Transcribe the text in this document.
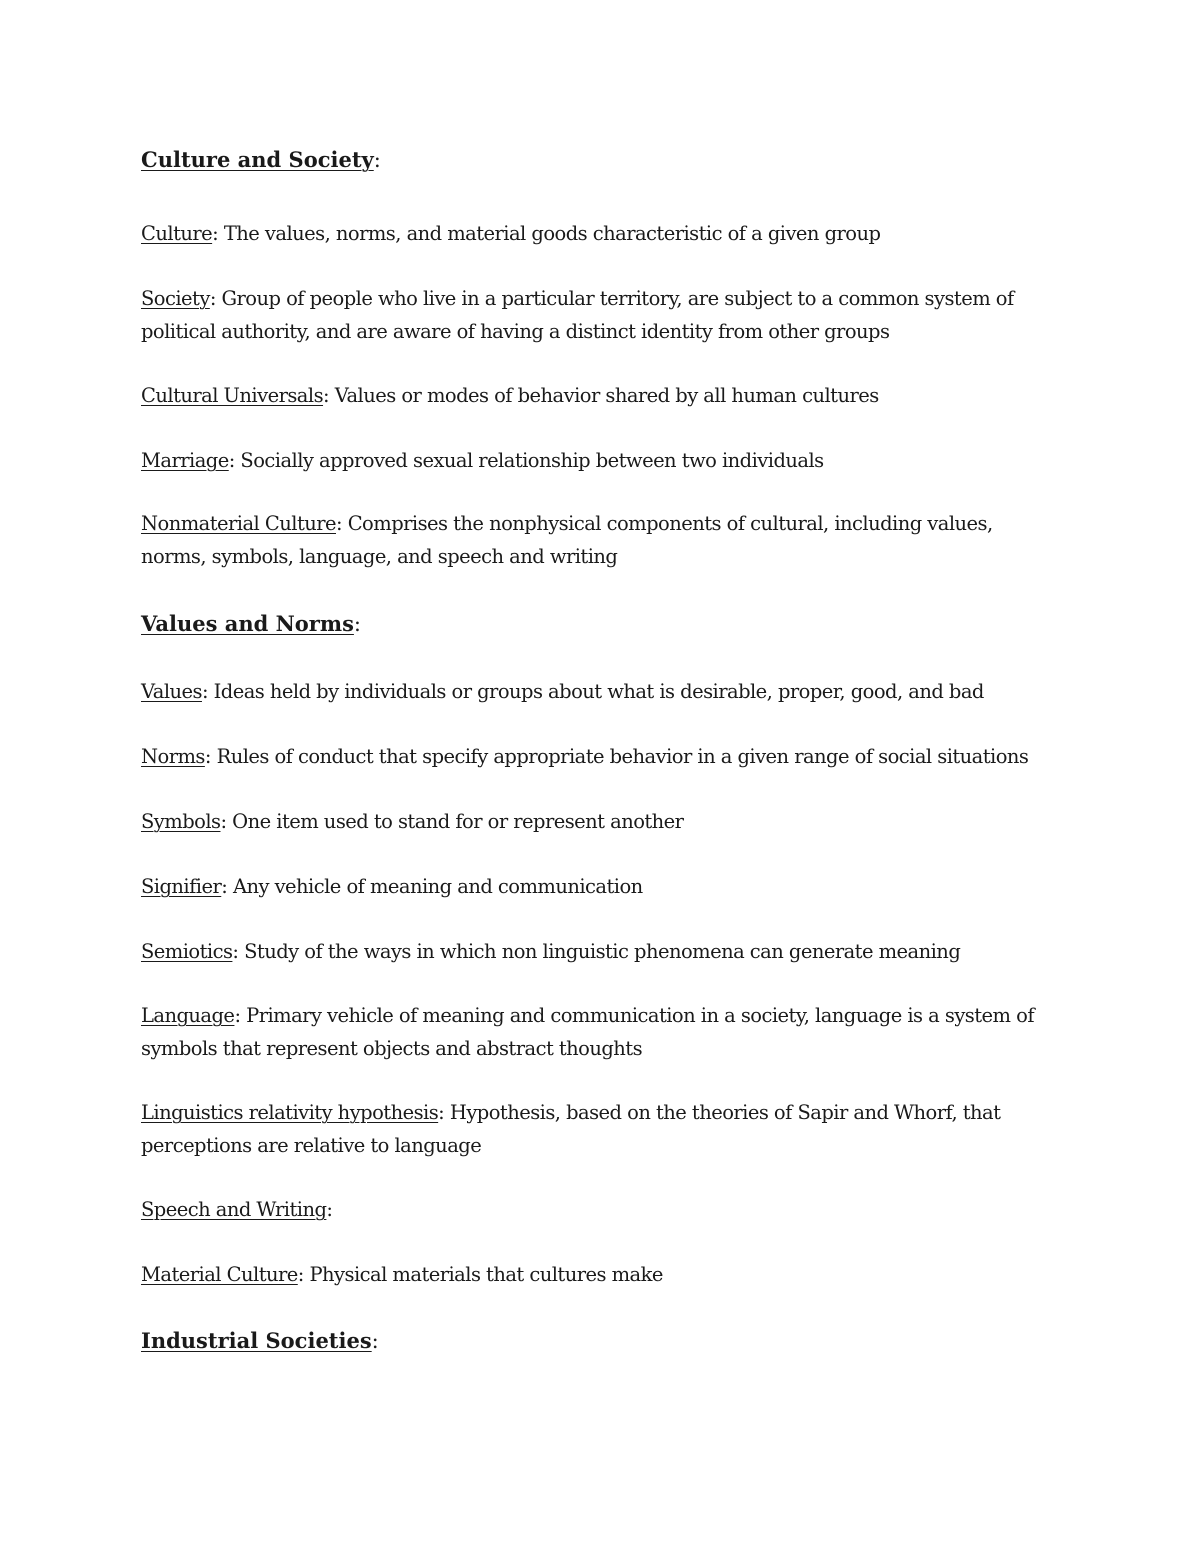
Culture and Society:
Culture: The values, norms, and material goods characteristic of a given group
Society: Group of people who live in a particular territory, are subject to a common system of
political authority, and are aware of having a distinct identity from other groups
Cultural Universals: Values or modes of behavior shared by all human cultures
Marriage: Socially approved sexual relationship between two individuals
Nonmaterial Culture: Comprises the nonphysical components of cultural, including values,
norms, symbols, language, and speech and writing
Values and Norms:
Values: Ideas held by individuals or groups about what is desirable, proper, good, and bad
Norms: Rules of conduct that specify appropriate behavior in a given range of social situations
Symbols: One item used to stand for or represent another
Signifier: Any vehicle of meaning and communication
Semiotics: Study of the ways in which non linguistic phenomena can generate meaning
Language: Primary vehicle of meaning and communication in a society, language is a system of
symbols that represent objects and abstract thoughts
Linguistics relativity hypothesis: Hypothesis, based on the theories of Sapir and Whorf, that
perceptions are relative to language
Speech and Writing:
Material Culture: Physical materials that cultures make
Industrial Societies:
